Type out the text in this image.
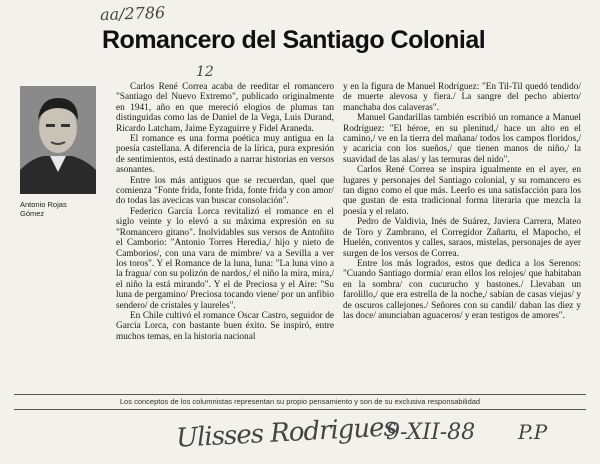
aa/2786
12
Romancero del Santiago Colonial
Antonio Rojas Gómez

Carlos René Correa acaba de reeditar el romancero "Santiago del Nuevo Extremo", publicado originalmente en 1941, año en que mereció elogios de plumas tan distinguidas como las de Daniel de la Vega, Luis Durand, Ricardo Latcham, Jaime Eyzaguirre y Fidel Araneda.

El romance es una forma poética muy antigua en la poesía castellana. A diferencia de la lírica, pura expresión de sentimientos, está destinado a narrar historias en versos asonantes.

Entre los más antiguos que se recuerdan, quel que comienza "Fonte frida, fonte frida, fonte frida y con amor/ do todas las avecicas van buscar consolación".

Federico García Lorca revitalizó el romance en el siglo veinte y lo elevó a su máxima expresión en su "Romancero gitano". Inolvidables sus versos de Antoñito el Camborio: "Antonio Torres Heredia,/ hijo y nieto de Camborios/, con una vara de mimbre/ va a Sevilla a ver los toros". Y el Romance de la luna, luna: "La luna vino a la fragua/ con su polizón de nardos,/ el niño la mira, mira,/ el niño la está mirando". Y el de Preciosa y el Aire: "Su luna de pergamino/ Preciosa tocando viene/ por un anfibio sendero/ de cristales y laureles".

En Chile cultivó el romance Oscar Castro, seguidor de García Lorca, con bastante buen éxito. Se inspiró, entre muchos temas, en la historia nacional

y en la figura de Manuel Rodríguez: "En Til-Til quedó tendido/ de muerte alevosa y fiera./ La sangre del pecho abierto/ manchaba dos calaveras".

Manuel Gandarillas también escribió un romance a Manuel Rodríguez: "El héroe, en su plenitud,/ hace un alto en el camino,/ ve en la tierra del mañana/ todos los campos floridos,/ y acaricia con los sueños,/ que tienen manos de niño,/ la suavidad de las alas/ y las ternuras del nido".

Carlos René Correa se inspira igualmente en el ayer, en lugares y personajes del Santiago colonial, y su romancero es tan digno como el que más. Leerlo es una satisfacción para los que gustan de esta tradicional forma literaria que mezcla la poesía y el relato.

Pedro de Valdivia, Inés de Suárez, Javiera Carrera, Mateo de Toro y Zambrano, el Corregidor Zañartu, el Mapocho, el Huelén, conventos y calles, saraos, mistelas, personajes de ayer surgen de los versos de Correa.

Entre los más logrados, estos que dedica a los Serenos: "Cuando Santiago dormía/ eran ellos los relojes/ que habitaban en la sombra/ con cucurucho y bastones./ Llevaban un farolillo,/ que era estrella de la noche,/ sabían de casas viejas/ y de oscuros callejones./ Señores con su candil/ daban las diez y las doce/ anunciaban aguaceros/ y eran testigos de amores".

Los conceptos de los columnistas representan su propio pensamiento y son de su exclusiva responsabilidad
Ulisses Rodrigues
9-XII-88 P.P
